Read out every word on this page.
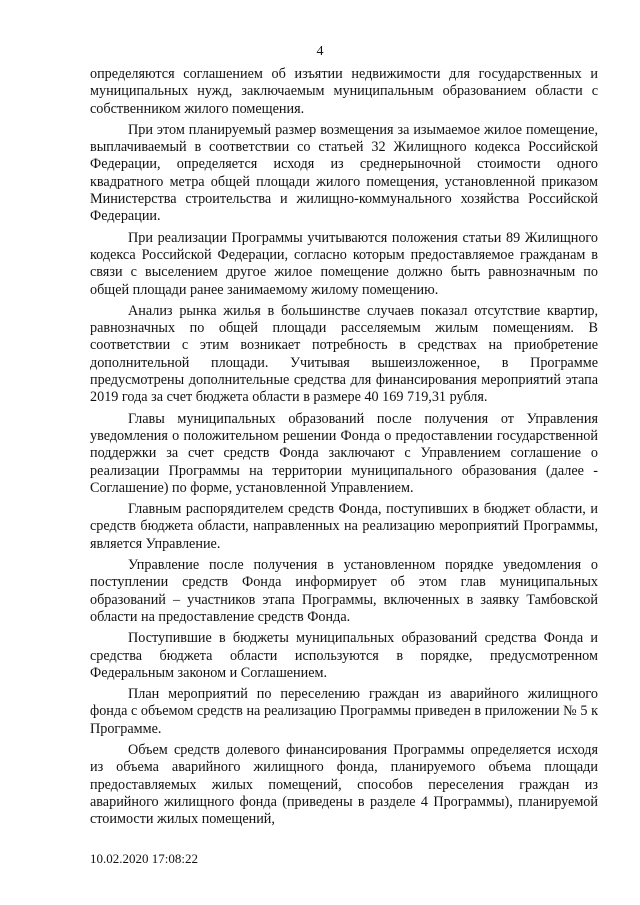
4

определяются соглашением об изъятии недвижимости для государственных и муниципальных нужд, заключаемым муниципальным образованием области с собственником жилого помещения.

При этом планируемый размер возмещения за изымаемое жилое помещение, выплачиваемый в соответствии со статьей 32 Жилищного кодекса Российской Федерации, определяется исходя из среднерыночной стоимости одного квадратного метра общей площади жилого помещения, установленной приказом Министерства строительства и жилищно-коммунального хозяйства Российской Федерации.

При реализации Программы учитываются положения статьи 89 Жилищного кодекса Российской Федерации, согласно которым предоставляемое гражданам в связи с выселением другое жилое помещение должно быть равнозначным по общей площади ранее занимаемому жилому помещению.

Анализ рынка жилья в большинстве случаев показал отсутствие квартир, равнозначных по общей площади расселяемым жилым помещениям. В соответствии с этим возникает потребность в средствах на приобретение дополнительной площади. Учитывая вышеизложенное, в Программе предусмотрены дополнительные средства для финансирования мероприятий этапа 2019 года за счет бюджета области в размере 40 169 719,31 рубля.

Главы муниципальных образований после получения от Управления уведомления о положительном решении Фонда о предоставлении государственной поддержки за счет средств Фонда заключают с Управлением соглашение о реализации Программы на территории муниципального образования (далее - Соглашение) по форме, установленной Управлением.

Главным распорядителем средств Фонда, поступивших в бюджет области, и средств бюджета области, направленных на реализацию мероприятий Программы, является Управление.

Управление после получения в установленном порядке уведомления о поступлении средств Фонда информирует об этом глав муниципальных образований – участников этапа Программы, включенных в заявку Тамбовской области на предоставление средств Фонда.

Поступившие в бюджеты муниципальных образований средства Фонда и средства бюджета области используются в порядке, предусмотренном Федеральным законом и Соглашением.

План мероприятий по переселению граждан из аварийного жилищного фонда с объемом средств на реализацию Программы приведен в приложении № 5 к Программе.

Объем средств долевого финансирования Программы определяется исходя из объема аварийного жилищного фонда, планируемого объема площади предоставляемых жилых помещений, способов переселения граждан из аварийного жилищного фонда (приведены в разделе 4 Программы), планируемой стоимости жилых помещений,

10.02.2020 17:08:22
